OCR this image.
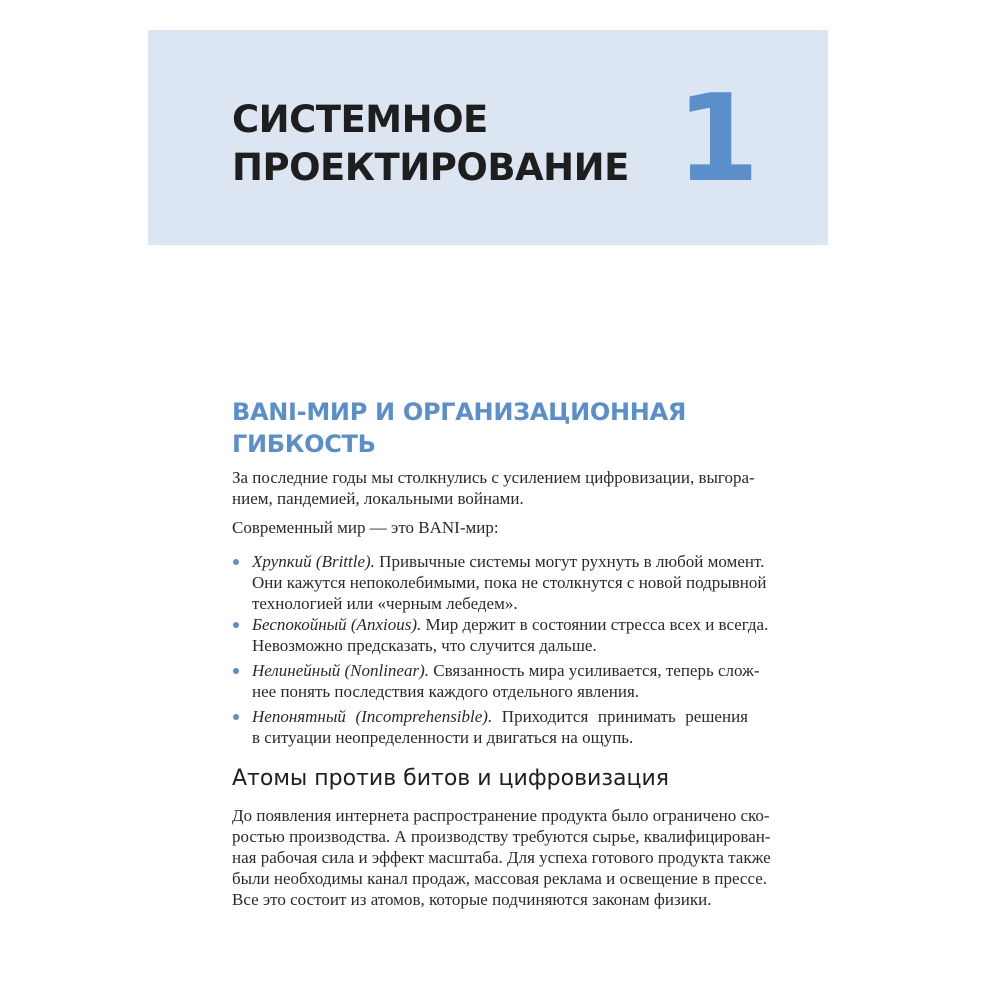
СИСТЕМНОЕ
ПРОЕКТИРОВАНИЕ 1
BANI-МИР И ОРГАНИЗАЦИОННАЯ
ГИБКОСТЬ
За последние годы мы столкнулись с усилением цифровизации, выгора-
нием, пандемией, локальными войнами.
Современный мир — это BANI-мир:
Хрупкий (Brittle). Привычные системы могут рухнуть в любой момент.
Они кажутся непоколебимыми, пока не столкнутся с новой подрывной
технологией или «черным лебедем».
Беспокойный (Anxious). Мир держит в состоянии стресса всех и всегда.
Невозможно предсказать, что случится дальше.
Нелинейный (Nonlinear). Связанность мира усиливается, теперь слож-
нее понять последствия каждого отдельного явления.
Непонятный (Incomprehensible). Приходится принимать решения
в ситуации неопределенности и двигаться на ощупь.
Атомы против битов и цифровизация
До появления интернета распространение продукта было ограничено ско-
ростью производства. А производству требуются сырье, квалифицирован-
ная рабочая сила и эффект масштаба. Для успеха готового продукта также
были необходимы канал продаж, массовая реклама и освещение в прессе.
Все это состоит из атомов, которые подчиняются законам физики.
